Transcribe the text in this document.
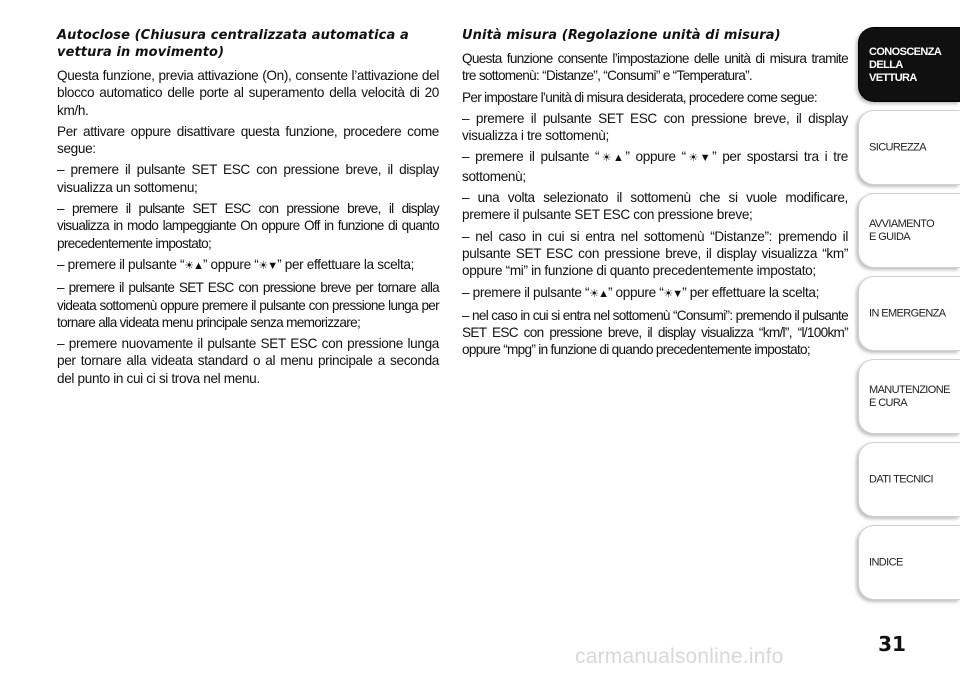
Autoclose (Chiusura centralizzata automatica a vettura in movimento)

Questa funzione, previa attivazione (On), consente l’attivazione del blocco automatico delle porte al superamento della velocità di 20 km/h.

Per attivare oppure disattivare questa funzione, procedere come segue:

– premere il pulsante SET ESC con pressione breve, il display visualizza un sottomenu;

– premere il pulsante SET ESC con pressione breve, il display visualizza in modo lampeggiante On oppure Off in funzione di quanto precedentemente impostato;

– premere il pulsante “☀▲” oppure “☀▼” per effettuare la scelta;

– premere il pulsante SET ESC con pressione breve per tornare alla videata sottomenù oppure premere il pulsante con pressione lunga per tornare alla videata menu principale senza memorizzare;

– premere nuovamente il pulsante SET ESC con pressione lunga per tornare alla videata standard o al menu principale a seconda del punto in cui ci si trova nel menu.

Unità misura (Regolazione unità di misura)

Questa funzione consente l’impostazione delle unità di misura tramite tre sottomenù: “Distanze”, “Consumi” e “Temperatura”.

Per impostare l’unità di misura desiderata, procedere come segue:

– premere il pulsante SET ESC con pressione breve, il display visualizza i tre sottomenù;

– premere il pulsante “☀▲” oppure “☀▼” per spostarsi tra i tre sottomenù;

– una volta selezionato il sottomenù che si vuole modificare, premere il pulsante SET ESC con pressione breve;

– nel caso in cui si entra nel sottomenù “Distanze”: premendo il pulsante SET ESC con pressione breve, il display visualizza “km” oppure “mi” in funzione di quanto precedentemente impostato;

– premere il pulsante “☀▲” oppure “☀▼” per effettuare la scelta;

– nel caso in cui si entra nel sottomenù “Consumi”: premendo il pulsante SET ESC con pressione breve, il display visualizza “km/l”, “l/100km” oppure “mpg” in funzione di quando precedentemente impostato;

CONOSCENZA
DELLA
VETTURA
SICUREZZA
AVVIAMENTO
E GUIDA
IN EMERGENZA
MANUTENZIONE
E CURA
DATI TECNICI
INDICE
31
carmanualsonline.info
